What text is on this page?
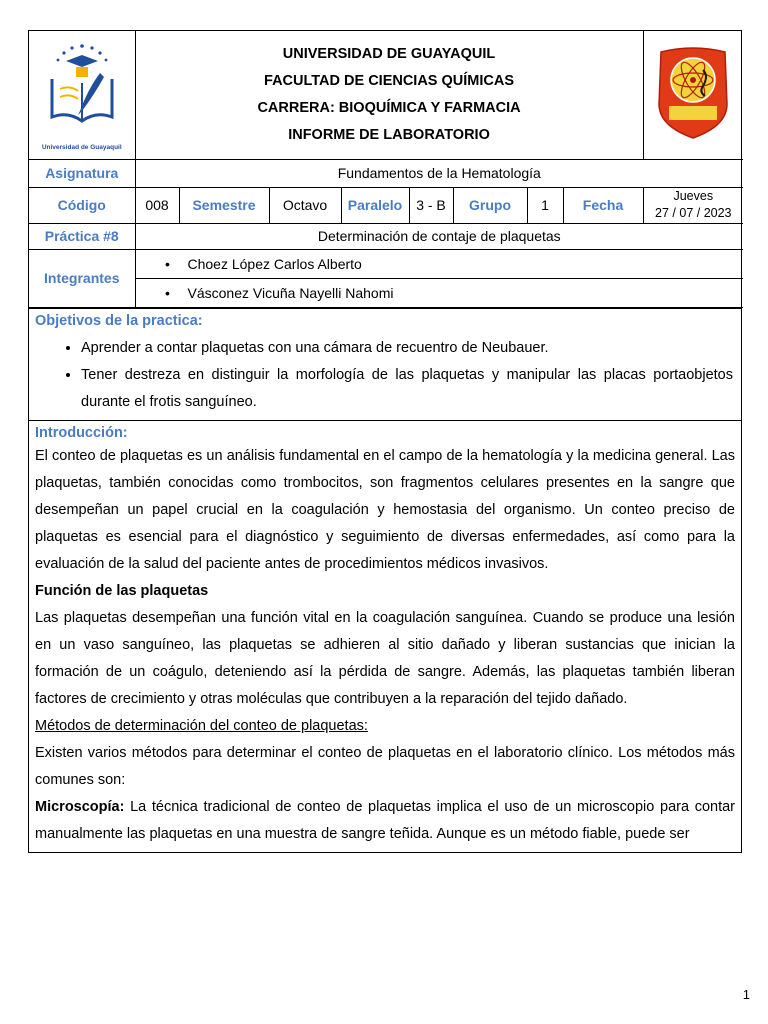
Universidad de Guayaquil	UNIVERSIDAD DE GUAYAQUIL
FACULTAD DE CIENCIAS QUÍMICAS
CARRERA: BIOQUÍMICA Y FARMACIA
INFORME DE LABORATORIO

Asignatura	Fundamentos de la Hematología								
Código	008	Semestre	Octavo	Paralelo	3 - B	Grupo	1	Fecha	Jueves
27 / 07 / 2023

Práctica #8	Determinación de contaje de plaquetas								
Integrantes	• Choez López Carlos Alberto								

	• Vásconez Vicuña Nayelli Nahomi								
Objetivos de la practica:
• Aprender a contar plaquetas con una cámara de recuentro de Neubauer.
• Tener destreza en distinguir la morfología de las plaquetas y manipular las placas portaobjetos durante el frotis sanguíneo.
Introducción:

El conteo de plaquetas es un análisis fundamental en el campo de la hematología y la medicina general. Las plaquetas, también conocidas como trombocitos, son fragmentos celulares presentes en la sangre que desempeñan un papel crucial en la coagulación y hemostasia del organismo. Un conteo preciso de plaquetas es esencial para el diagnóstico y seguimiento de diversas enfermedades, así como para la evaluación de la salud del paciente antes de procedimientos médicos invasivos.

Función de las plaquetas

Las plaquetas desempeñan una función vital en la coagulación sanguínea. Cuando se produce una lesión en un vaso sanguíneo, las plaquetas se adhieren al sitio dañado y liberan sustancias que inician la formación de un coágulo, deteniendo así la pérdida de sangre. Además, las plaquetas también liberan factores de crecimiento y otras moléculas que contribuyen a la reparación del tejido dañado.

Métodos de determinación del conteo de plaquetas:

Existen varios métodos para determinar el conteo de plaquetas en el laboratorio clínico. Los métodos más comunes son:

Microscopía: La técnica tradicional de conteo de plaquetas implica el uso de un microscopio para contar manualmente las plaquetas en una muestra de sangre teñida. Aunque es un método fiable, puede ser

1
